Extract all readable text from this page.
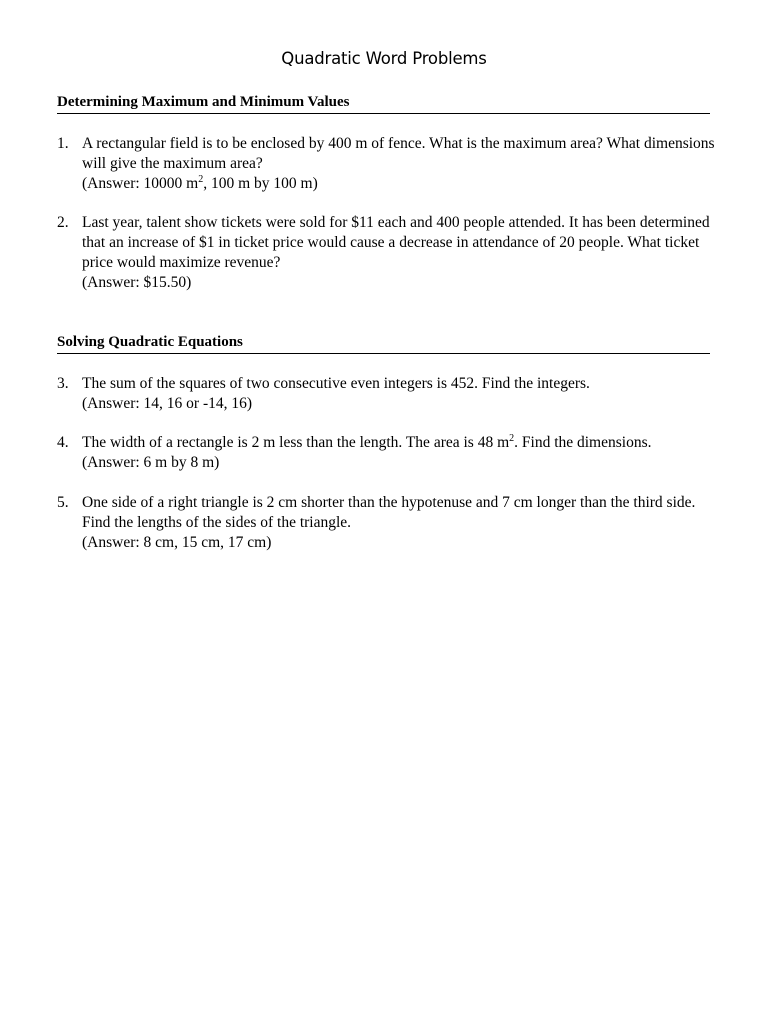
Quadratic Word Problems
Determining Maximum and Minimum Values
1. A rectangular field is to be enclosed by 400 m of fence. What is the maximum area? What dimensions will give the maximum area?
(Answer: 10000 $m^2$, 100 m by 100 m)
2. Last year, talent show tickets were sold for $11 each and 400 people attended. It has been determined that an increase of $1 in ticket price would cause a decrease in attendance of 20 people. What ticket price would maximize revenue?
(Answer: $15.50)
Solving Quadratic Equations
3. The sum of the squares of two consecutive even integers is 452. Find the integers.
(Answer: 14, 16 or -14, 16)
4. The width of a rectangle is 2 m less than the length. The area is 48 $m^2$. Find the dimensions.
(Answer: 6 m by 8 m)
5. One side of a right triangle is 2 cm shorter than the hypotenuse and 7 cm longer than the third side. Find the lengths of the sides of the triangle.
(Answer: 8 cm, 15 cm, 17 cm)
